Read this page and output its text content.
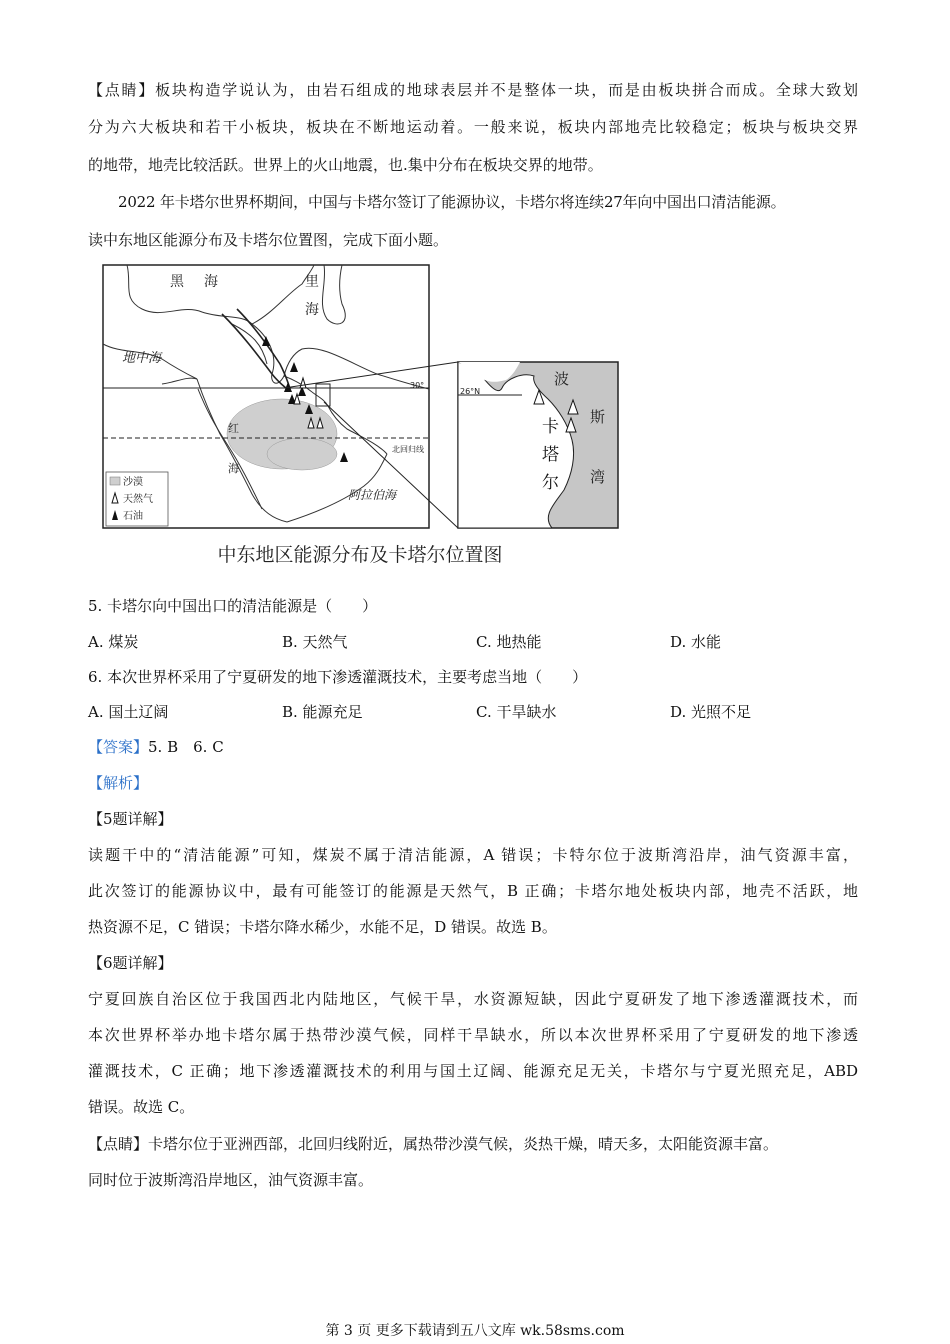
【点睛】板块构造学说认为，由岩石组成的地球表层并不是整体一块，而是由板块拼合而成。全球大致划
分为六大板块和若干小板块，板块在不断地运动着。一般来说，板块内部地壳比较稳定；板块与板块交界
的地带，地壳比较活跃。世界上的火山地震，也.集中分布在板块交界的地带。
2022 年卡塔尔世界杯期间，中国与卡塔尔签订了能源协议，卡塔尔将连续27年向中国出口清洁能源。
读中东地区能源分布及卡塔尔位置图，完成下面小题。
黑 海	里
海
地中海
红
海
阿拉伯海
北回归线
30°
沙漠
天然气
石油
26°N
波
斯
湾
卡
塔
尔
中东地区能源分布及卡塔尔位置图
5. 卡塔尔向中国出口的清洁能源是（　　）
A. 煤炭	B. 天然气	C. 地热能	D. 水能
6. 本次世界杯采用了宁夏研发的地下渗透灌溉技术，主要考虑当地（　　）
A. 国土辽阔	B. 能源充足	C. 干旱缺水	D. 光照不足
【答案】5. B　6. C
【解析】
【5题详解】
读题干中的“清洁能源”可知，煤炭不属于清洁能源，A 错误；卡特尔位于波斯湾沿岸，油气资源丰富，
此次签订的能源协议中，最有可能签订的能源是天然气，B 正确；卡塔尔地处板块内部，地壳不活跃，地
热资源不足，C 错误；卡塔尔降水稀少，水能不足，D 错误。故选 B。
【6题详解】
宁夏回族自治区位于我国西北内陆地区，气候干旱，水资源短缺，因此宁夏研发了地下渗透灌溉技术，而
本次世界杯举办地卡塔尔属于热带沙漠气候，同样干旱缺水，所以本次世界杯采用了宁夏研发的地下渗透
灌溉技术，C 正确；地下渗透灌溉技术的利用与国土辽阔、能源充足无关，卡塔尔与宁夏光照充足，ABD
错误。故选 C。
【点睛】卡塔尔位于亚洲西部，北回归线附近，属热带沙漠气候，炎热干燥，晴天多，太阳能资源丰富。
同时位于波斯湾沿岸地区，油气资源丰富。
第 3 页 更多下载请到五八文库 wk.58sms.com
